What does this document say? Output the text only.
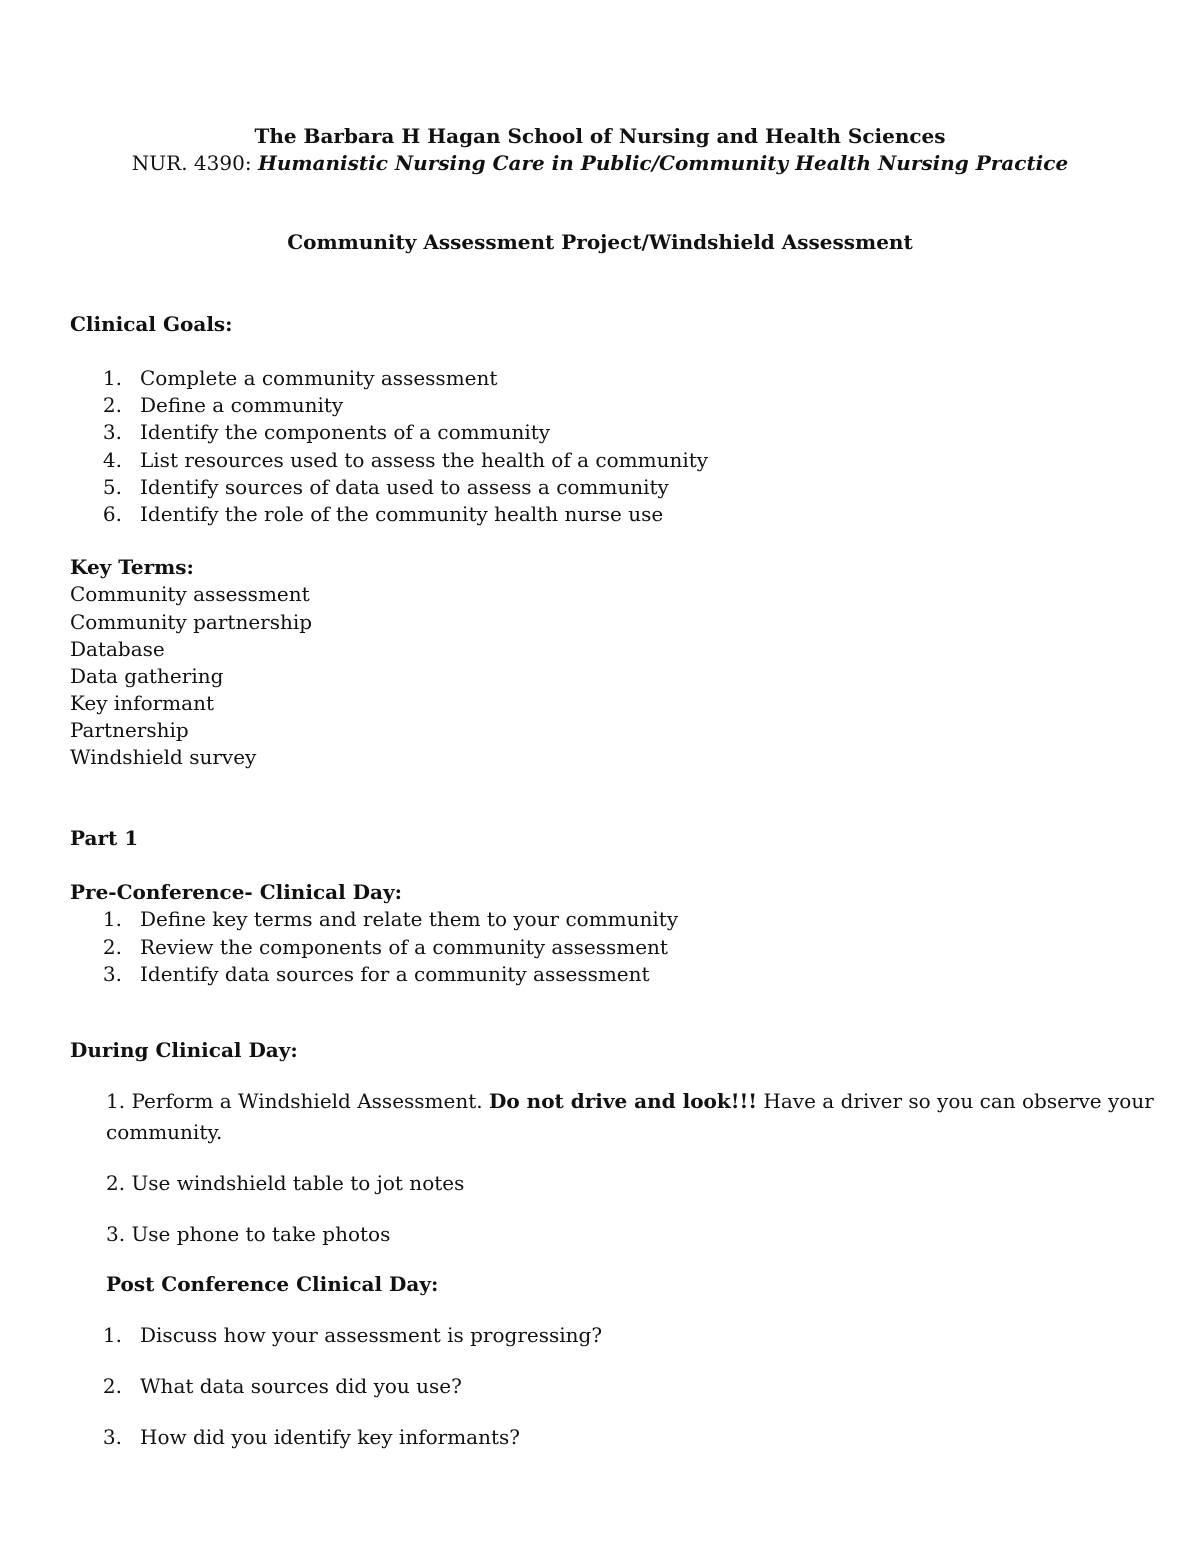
The Barbara H Hagan School of Nursing and Health Sciences
NUR. 4390: Humanistic Nursing Care in Public/Community Health Nursing Practice
Community Assessment Project/Windshield Assessment
Clinical Goals:
1. Complete a community assessment
2. Define a community
3. Identify the components of a community
4. List resources used to assess the health of a community
5. Identify sources of data used to assess a community
6. Identify the role of the community health nurse use
Key Terms:
Community assessment
Community partnership
Database
Data gathering
Key informant
Partnership
Windshield survey
Part 1
Pre-Conference- Clinical Day:
1. Define key terms and relate them to your community
2. Review the components of a community assessment
3. Identify data sources for a community assessment
During Clinical Day:
1. Perform a Windshield Assessment. Do not drive and look!!! Have a driver so you can observe your
community.
2. Use windshield table to jot notes
3. Use phone to take photos
Post Conference Clinical Day:
1. Discuss how your assessment is progressing?
2. What data sources did you use?
3. How did you identify key informants?
